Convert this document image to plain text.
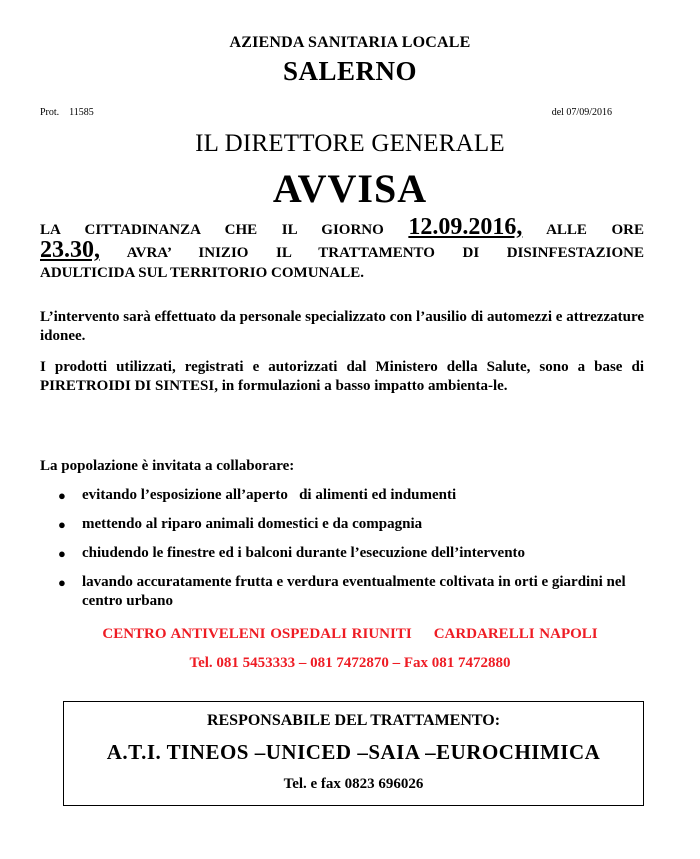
AZIENDA SANITARIA LOCALE
SALERNO
Prot. 11585	del 07/09/2016
IL DIRETTORE GENERALE
AVVISA
LA CITTADINANZA CHE IL GIORNO 12.09.2016, ALLE ORE
23.30, AVRA’ INIZIO IL TRATTAMENTO DI DISINFESTAZIONE
ADULTICIDA SUL TERRITORIO COMUNALE.
L’intervento sarà effettuato da personale specializzato con l’ausilio di automezzi e attrezzature idonee.
I prodotti utilizzati, registrati e autorizzati dal Ministero della Salute, sono a base di PIRETROIDI DI SINTESI, in formulazioni a basso impatto ambienta-le.
La popolazione è invitata a collaborare:
● evitando l’esposizione all’aperto   di alimenti ed indumenti
● mettendo al riparo animali domestici e da compagnia
● chiudendo le finestre ed i balconi durante l’esecuzione dell’intervento
● lavando accuratamente frutta e verdura eventualmente coltivata in orti e giardini nel centro urbano
CENTRO ANTIVELENI OSPEDALI RIUNITI CARDARELLI NAPOLI
Tel. 081 5453333 – 081 7472870 – Fax 081 7472880
RESPONSABILE DEL TRATTAMENTO:
A.T.I. TINEOS –UNICED –SAIA –EUROCHIMICA
Tel. e fax 0823 696026
